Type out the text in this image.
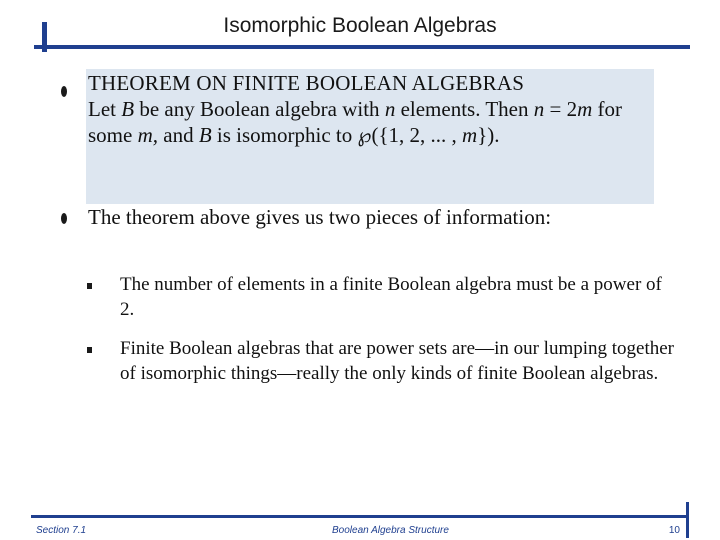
Isomorphic Boolean Algebras
THEOREM ON FINITE BOOLEAN ALGEBRAS
Let B be any Boolean algebra with n elements. Then n = 2m for some m, and B is isomorphic to ℘({1, 2, ... , m}).
The theorem above gives us two pieces of information:
The number of elements in a finite Boolean algebra must be a power of 2.
Finite Boolean algebras that are power sets are—in our lumping together of isomorphic things—really the only kinds of finite Boolean algebras.
Section 7.1	Boolean Algebra Structure	10
